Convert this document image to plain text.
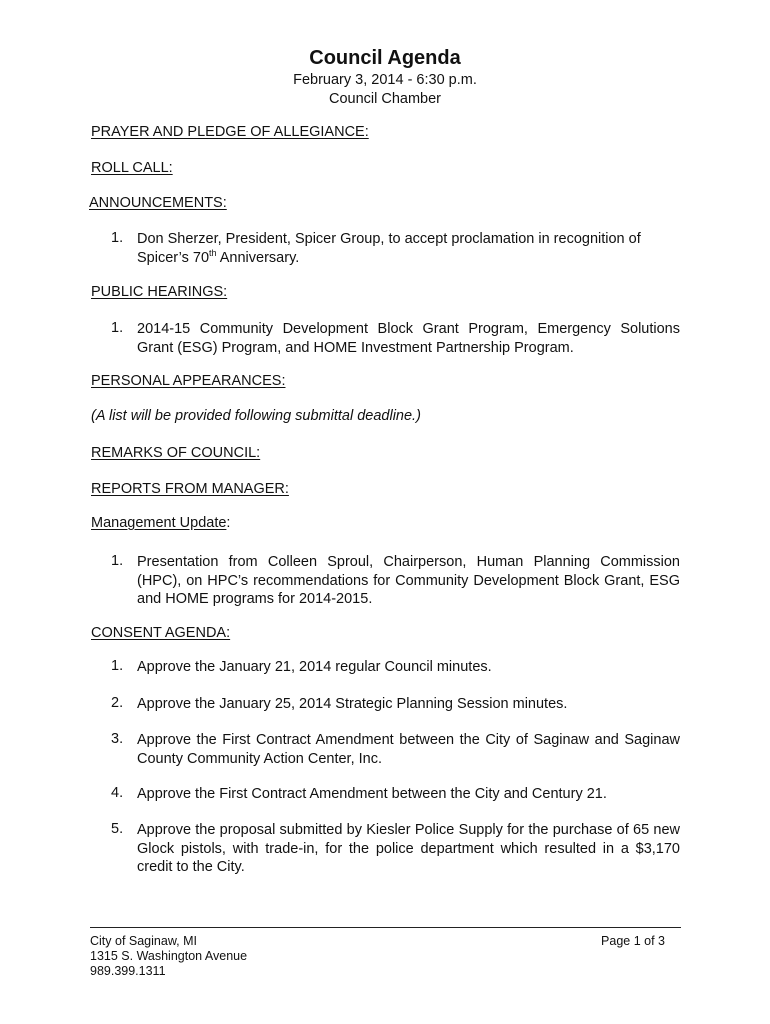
Council Agenda
February 3, 2014 - 6:30 p.m.
Council Chamber
PRAYER AND PLEDGE OF ALLEGIANCE:
ROLL CALL:
ANNOUNCEMENTS:
1. Don Sherzer, President, Spicer Group, to accept proclamation in recognition of Spicer’s 70th Anniversary.
PUBLIC HEARINGS:
1. 2014-15 Community Development Block Grant Program, Emergency Solutions Grant (ESG) Program, and HOME Investment Partnership Program.
PERSONAL APPEARANCES:
(A list will be provided following submittal deadline.)
REMARKS OF COUNCIL:
REPORTS FROM MANAGER:
Management Update:
1. Presentation from Colleen Sproul, Chairperson, Human Planning Commission (HPC), on HPC’s recommendations for Community Development Block Grant, ESG and HOME programs for 2014-2015.
CONSENT AGENDA:
1. Approve the January 21, 2014 regular Council minutes.
2. Approve the January 25, 2014 Strategic Planning Session minutes.
3. Approve the First Contract Amendment between the City of Saginaw and Saginaw County Community Action Center, Inc.
4. Approve the First Contract Amendment between the City and Century 21.
5. Approve the proposal submitted by Kiesler Police Supply for the purchase of 65 new Glock pistols, with trade-in, for the police department which resulted in a $3,170 credit to the City.
City of Saginaw, MI
1315 S. Washington Avenue
989.399.1311
Page 1 of 3
